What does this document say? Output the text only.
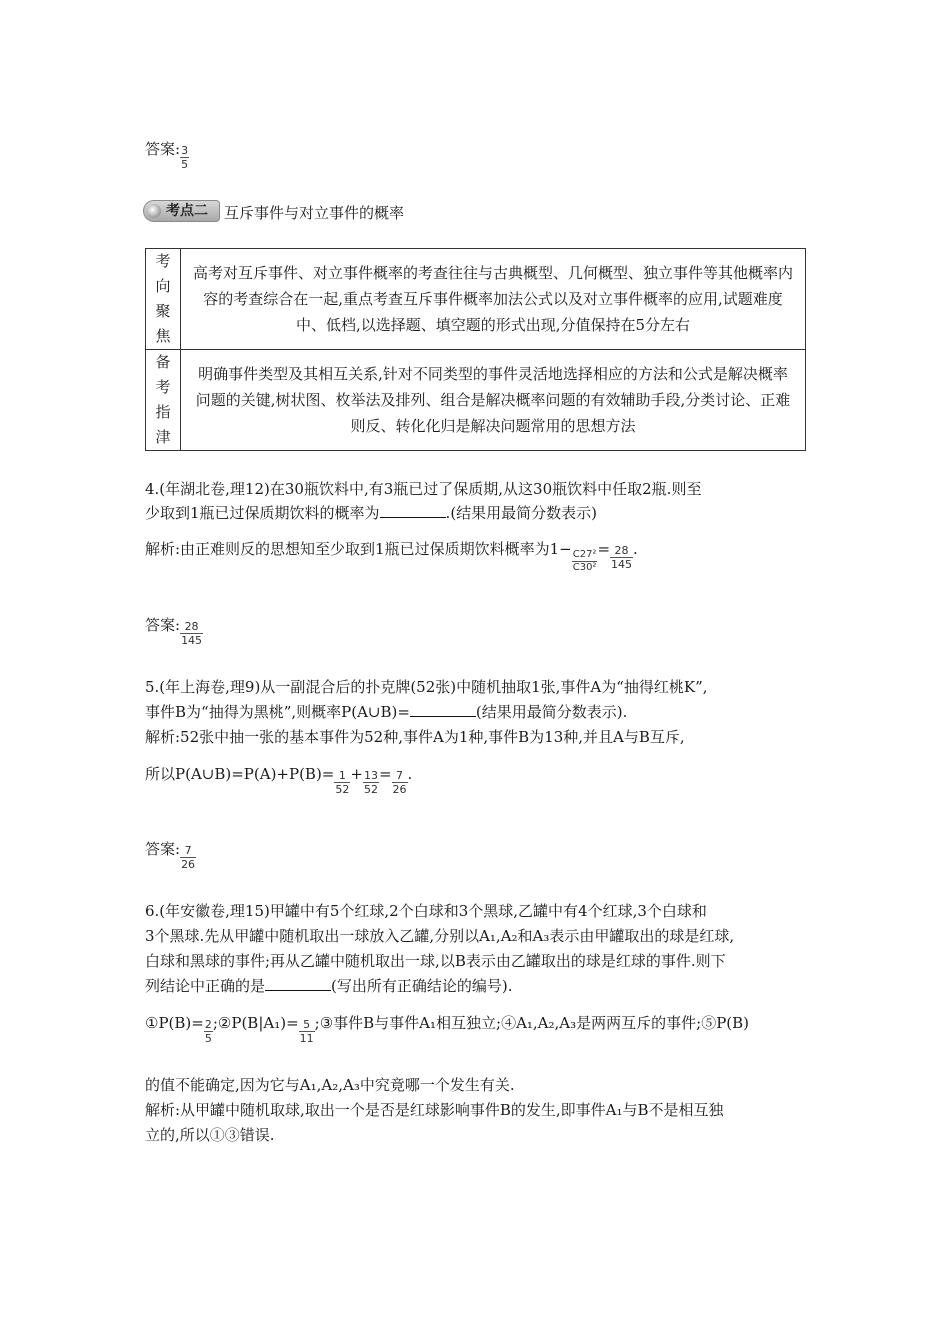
答案: $\frac{3}{5}$
考点二 互斥事件与对立事件的概率
考
向
聚
焦	高考对互斥事件、对立事件概率的考查往往与古典概型、几何概型、独立事件等其他概率内容的考查综合在一起,重点考查互斥事件概率加法公式以及对立事件概率的应用,试题难度中、低档,以选择题、填空题的形式出现,分值保持在5分左右
备
考
指
津	明确事件类型及其相互关系,针对不同类型的事件灵活地选择相应的方法和公式是解决概率问题的关键,树状图、枚举法及排列、组合是解决概率问题的有效辅助手段,分类讨论、正难则反、转化化归是解决问题常用的思想方法
4.(年湖北卷,理12)在30瓶饮料中,有3瓶已过了保质期,从这30瓶饮料中任取2瓶.则至
少取到1瓶已过保质期饮料的概率为	.(结果用最简分数表示)
解析:由正难则反的思想知至少取到1瓶已过保质期饮料概率为1−
$\frac{\text{C27²}}{\text{C30²}}$
= $\frac{28}{145}$ .
答案: $\frac{28}{145}$
5.(年上海卷,理9)从一副混合后的扑克牌(52张)中随机抽取1张,事件A为“抽得红桃K”,
事件B为“抽得为黑桃”,则概率P(A∪B)=	(结果用最简分数表示).
解析:52张中抽一张的基本事件为52种,事件A为1种,事件B为13种,并且A与B互斥,
所以P(A∪B)=P(A)+P(B)= $\frac{1}{52} + \frac{13}{52} = \frac{7}{26}$ .
答案: $\frac{7}{26}$
6.(年安徽卷,理15)甲罐中有5个红球,2个白球和3个黑球,乙罐中有4个红球,3个白球和
3个黑球.先从甲罐中随机取出一球放入乙罐,分别以A₁,A₂和A₃表示由甲罐取出的球是红球,
白球和黑球的事件;再从乙罐中随机取出一球,以B表示由乙罐取出的球是红球的事件.则下
列结论中正确的是	(写出所有正确结论的编号).
①P(B)= $\frac{2}{5}$ ;②P(B|A₁)= $\frac{5}{11}$ ;③事件B与事件A₁相互独立;④A₁,A₂,A₃是两两互斥的事件;⑤P(B)
的值不能确定,因为它与A₁,A₂,A₃中究竟哪一个发生有关.
解析:从甲罐中随机取球,取出一个是否是红球影响事件B的发生,即事件A₁与B不是相互独
立的,所以①③错误.
